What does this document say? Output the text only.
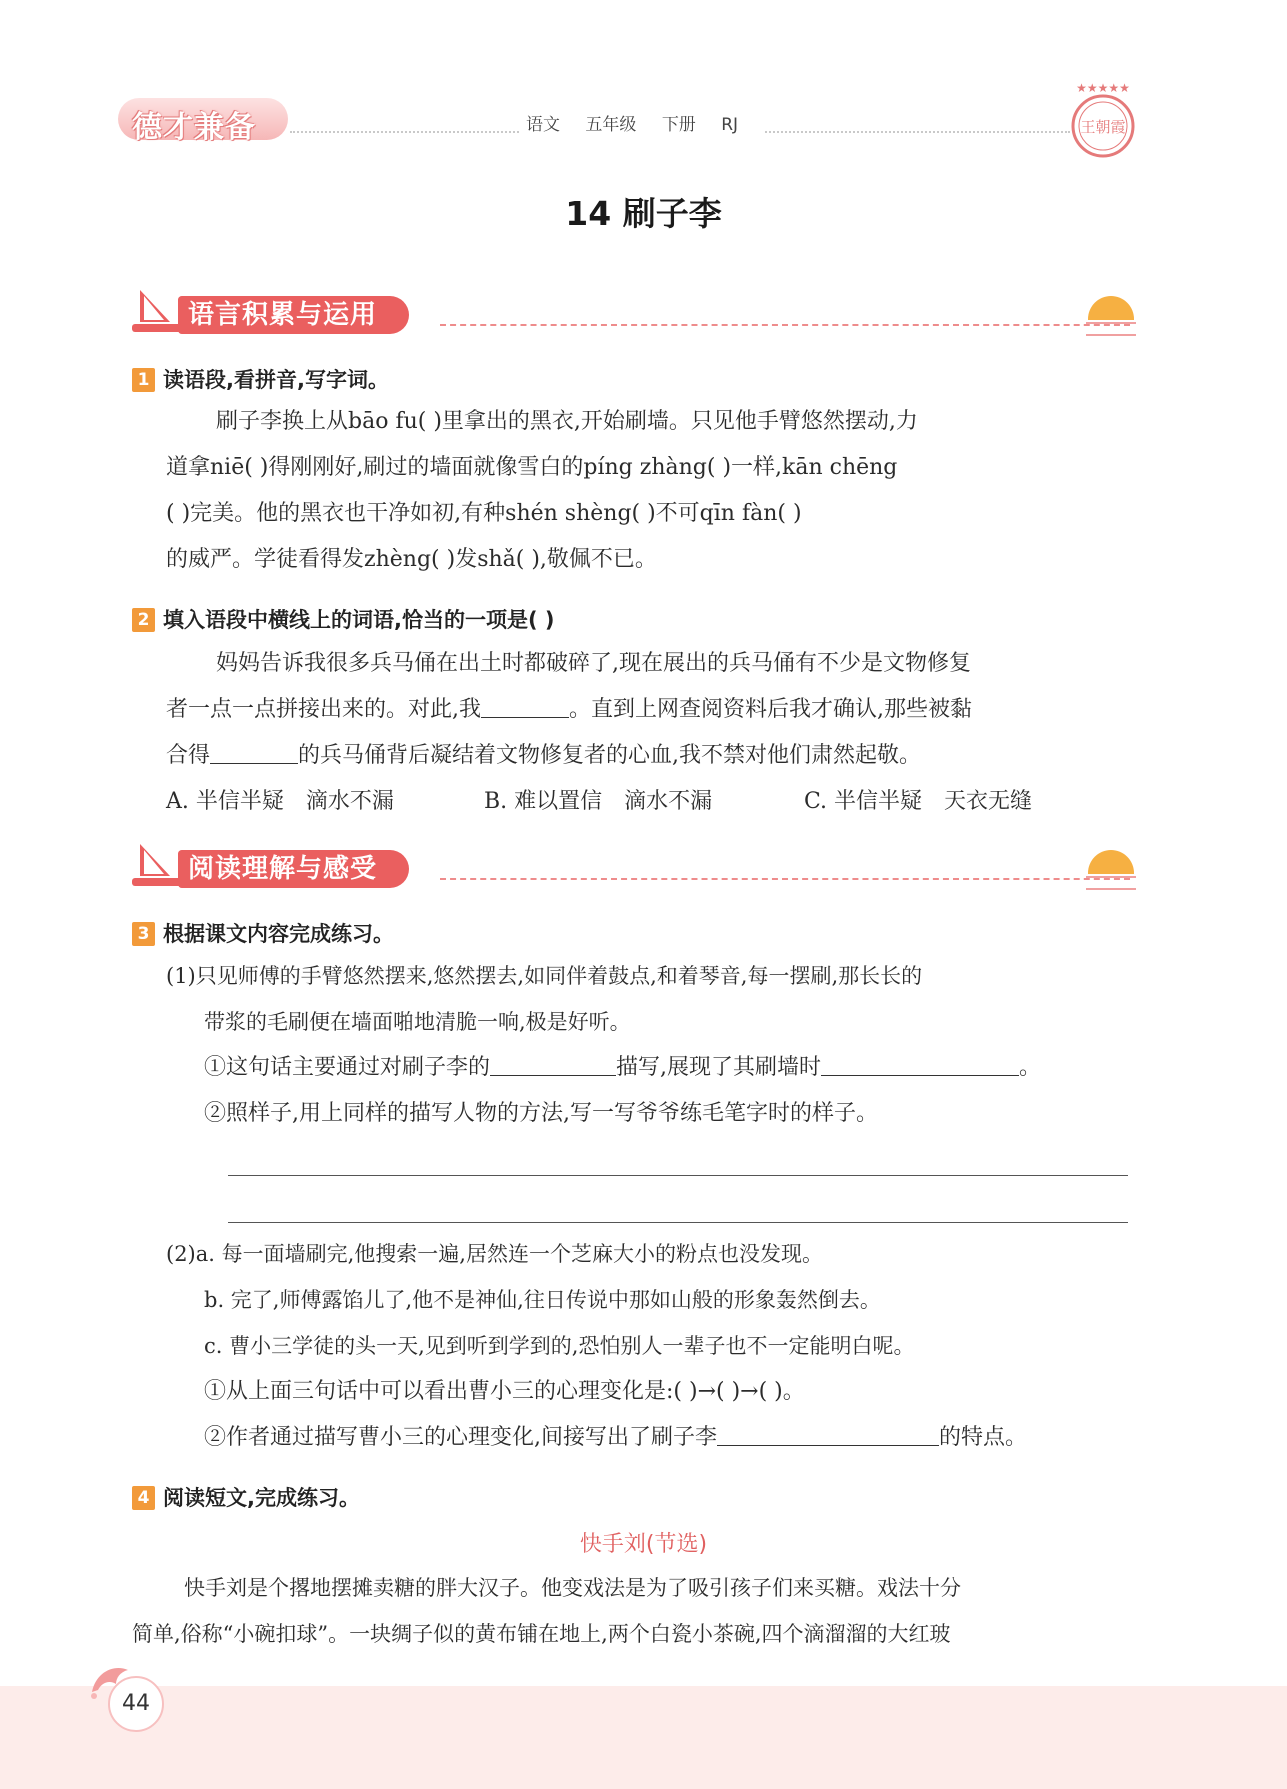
德才兼备	语文 五年级 下册 RJ
★★★★★
王朝霞
14 刷子李
语言积累与运用
1 读语段,看拼音,写字词。
刷子李换上从bāo fu( )里拿出的黑衣,开始刷墙。只见他手臂悠然摆动,力
道拿niē( )得刚刚好,刷过的墙面就像雪白的píng zhàng( )一样,kān chēng
( )完美。他的黑衣也干净如初,有种shén shèng( )不可qīn fàn( )
的威严。学徒看得发zhèng( )发shǎ( ),敬佩不已。
2 填入语段中横线上的词语,恰当的一项是( )
妈妈告诉我很多兵马俑在出土时都破碎了,现在展出的兵马俑有不少是文物修复
者一点一点拼接出来的。对此,我	。直到上网查阅资料后我才确认,那些被黏
合得	的兵马俑背后凝结着文物修复者的心血,我不禁对他们肃然起敬。
A. 半信半疑　滴水不漏	B. 难以置信　滴水不漏	C. 半信半疑　天衣无缝
阅读理解与感受
3 根据课文内容完成练习。
(1)只见师傅的手臂悠然摆来,悠然摆去,如同伴着鼓点,和着琴音,每一摆刷,那长长的
带浆的毛刷便在墙面啪地清脆一响,极是好听。
①这句话主要通过对刷子李的	描写,展现了其刷墙时	。
②照样子,用上同样的描写人物的方法,写一写爷爷练毛笔字时的样子。
(2)a. 每一面墙刷完,他搜索一遍,居然连一个芝麻大小的粉点也没发现。
b. 完了,师傅露馅儿了,他不是神仙,往日传说中那如山般的形象轰然倒去。
c. 曹小三学徒的头一天,见到听到学到的,恐怕别人一辈子也不一定能明白呢。
①从上面三句话中可以看出曹小三的心理变化是:( )→( )→( )。
②作者通过描写曹小三的心理变化,间接写出了刷子李	的特点。
4 阅读短文,完成练习。
快手刘(节选)
快手刘是个撂地摆摊卖糖的胖大汉子。他变戏法是为了吸引孩子们来买糖。戏法十分
简单,俗称“小碗扣球”。一块绸子似的黄布铺在地上,两个白瓷小茶碗,四个滴溜溜的大红玻
44
